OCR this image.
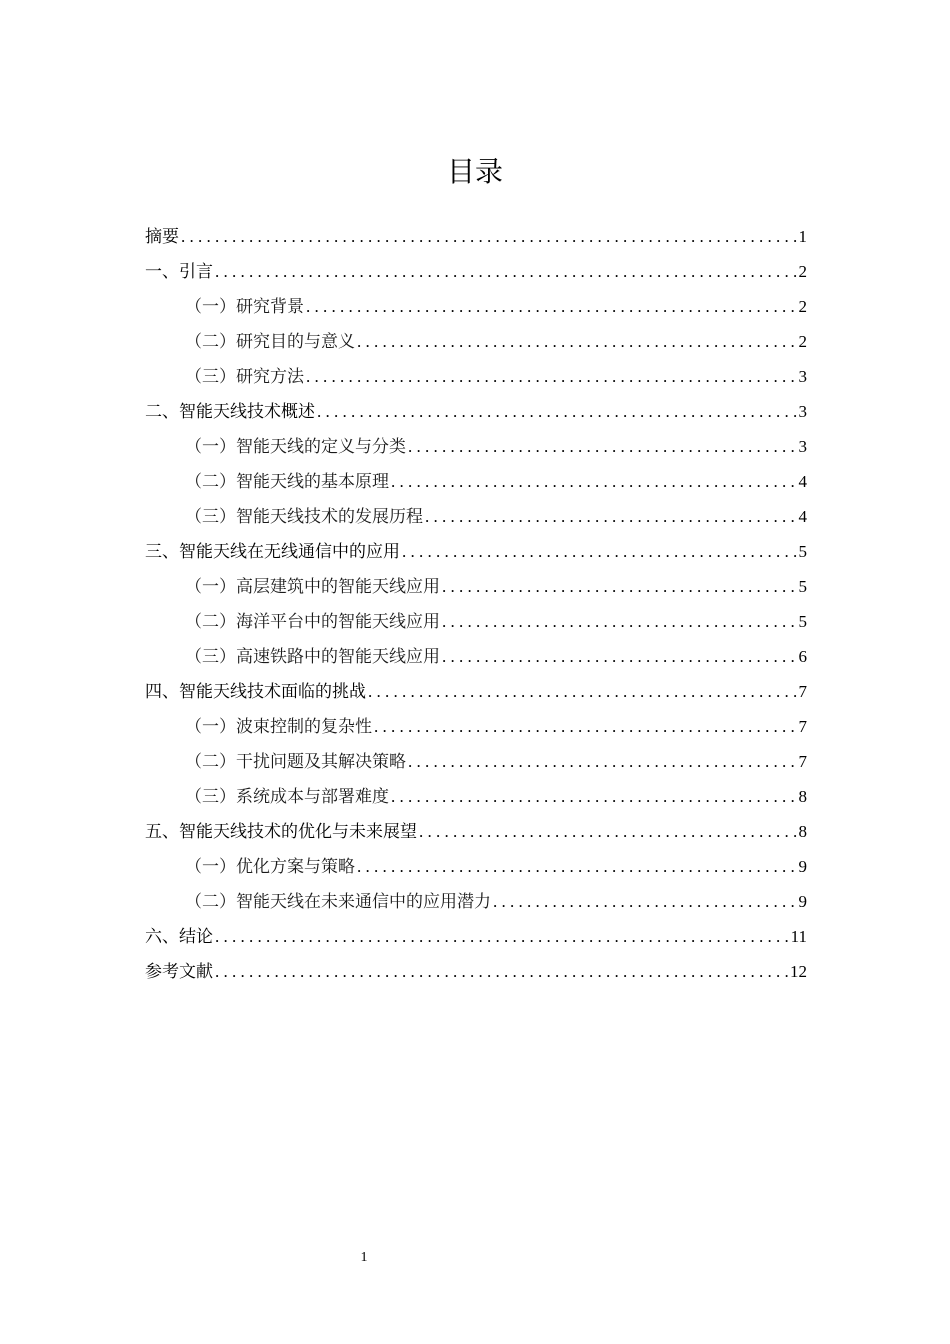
目录
摘要 . . .	1
一、引言 . . .	2
（一）研究背景 . . .	2
（二）研究目的与意义 . . .	2
（三）研究方法 . . .	3
二、智能天线技术概述 . . .	3
（一）智能天线的定义与分类 . . .	3
（二）智能天线的基本原理 . . .	4
（三）智能天线技术的发展历程 . . .	4
三、智能天线在无线通信中的应用 . . .	5
（一）高层建筑中的智能天线应用 . . .	5
（二）海洋平台中的智能天线应用 . . .	5
（三）高速铁路中的智能天线应用 . . .	6
四、智能天线技术面临的挑战 . . .	7
（一）波束控制的复杂性 . . .	7
（二）干扰问题及其解决策略 . . .	7
（三）系统成本与部署难度 . . .	8
五、智能天线技术的优化与未来展望 . . .	8
（一）优化方案与策略 . . .	9
（二）智能天线在未来通信中的应用潜力 . . .	9
六、结论 . . .	11
参考文献 . . .	12
1
